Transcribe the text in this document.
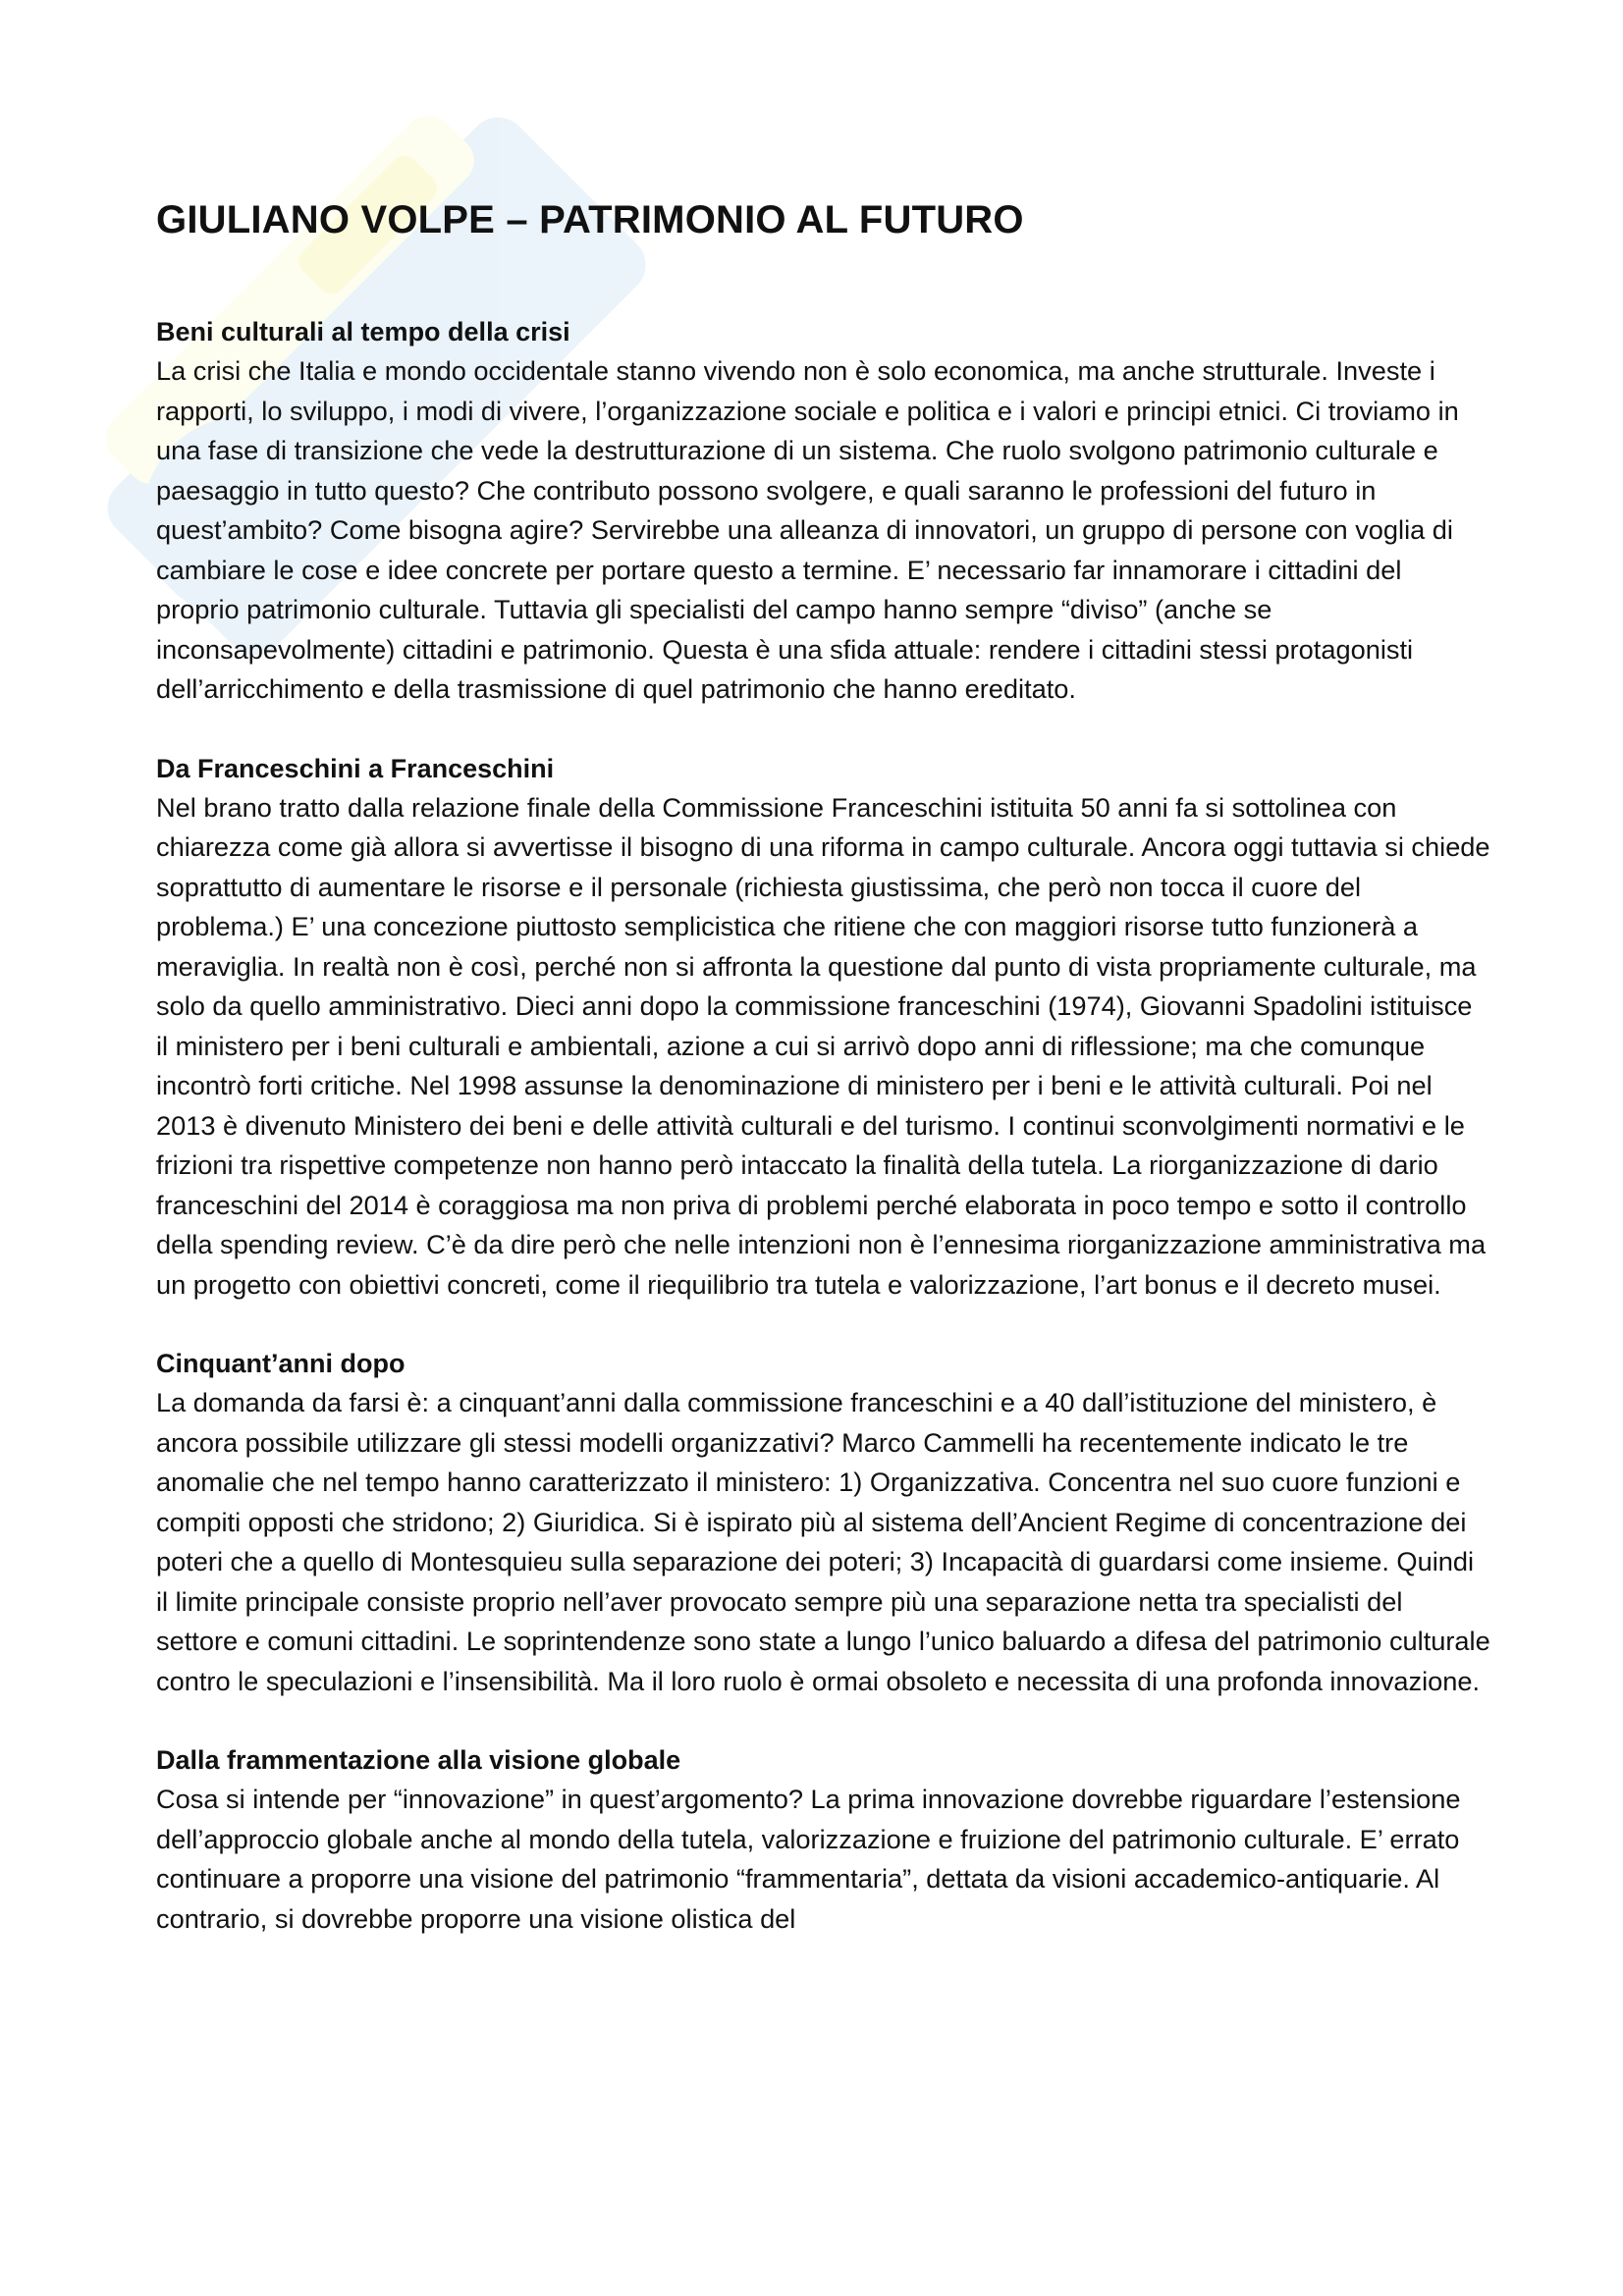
GIULIANO VOLPE – PATRIMONIO AL FUTURO
Beni culturali al tempo della crisi

La crisi che Italia e mondo occidentale stanno vivendo non è solo economica, ma anche strutturale. Investe i rapporti, lo sviluppo, i modi di vivere, l’organizzazione sociale e politica e i valori e principi etnici. Ci troviamo in una fase di transizione che vede la destrutturazione di un sistema. Che ruolo svolgono patrimonio culturale e paesaggio in tutto questo? Che contributo possono svolgere, e quali saranno le professioni del futuro in quest’ambito? Come bisogna agire? Servirebbe una alleanza di innovatori, un gruppo di persone con voglia di cambiare le cose e idee concrete per portare questo a termine. E’ necessario far innamorare i cittadini del proprio patrimonio culturale. Tuttavia gli specialisti del campo hanno sempre “diviso” (anche se inconsapevolmente) cittadini e patrimonio. Questa è una sfida attuale: rendere i cittadini stessi protagonisti dell’arricchimento e della trasmissione di quel patrimonio che hanno ereditato.

Da Franceschini a Franceschini

Nel brano tratto dalla relazione finale della Commissione Franceschini istituita 50 anni fa si sottolinea con chiarezza come già allora si avvertisse il bisogno di una riforma in campo culturale. Ancora oggi tuttavia si chiede soprattutto di aumentare le risorse e il personale (richiesta giustissima, che però non tocca il cuore del problema.) E’ una concezione piuttosto semplicistica che ritiene che con maggiori risorse tutto funzionerà a meraviglia. In realtà non è così, perché non si affronta la questione dal punto di vista propriamente culturale, ma solo da quello amministrativo. Dieci anni dopo la commissione franceschini (1974), Giovanni Spadolini istituisce il ministero per i beni culturali e ambientali, azione a cui si arrivò dopo anni di riflessione; ma che comunque incontrò forti critiche. Nel 1998 assunse la denominazione di ministero per i beni e le attività culturali. Poi nel 2013 è divenuto Ministero dei beni e delle attività culturali e del turismo. I continui sconvolgimenti normativi e le frizioni tra rispettive competenze non hanno però intaccato la finalità della tutela. La riorganizzazione di dario franceschini del 2014 è coraggiosa ma non priva di problemi perché elaborata in poco tempo e sotto il controllo della spending review. C’è da dire però che nelle intenzioni non è l’ennesima riorganizzazione amministrativa ma un progetto con obiettivi concreti, come il riequilibrio tra tutela e valorizzazione, l’art bonus e il decreto musei.

Cinquant’anni dopo

La domanda da farsi è: a cinquant’anni dalla commissione franceschini e a 40 dall’istituzione del ministero, è ancora possibile utilizzare gli stessi modelli organizzativi? Marco Cammelli ha recentemente indicato le tre anomalie che nel tempo hanno caratterizzato il ministero: 1) Organizzativa. Concentra nel suo cuore funzioni e compiti opposti che stridono; 2) Giuridica. Si è ispirato più al sistema dell’Ancient Regime di concentrazione dei poteri che a quello di Montesquieu sulla separazione dei poteri; 3) Incapacità di guardarsi come insieme. Quindi il limite principale consiste proprio nell’aver provocato sempre più una separazione netta tra specialisti del settore e comuni cittadini. Le soprintendenze sono state a lungo l’unico baluardo a difesa del patrimonio culturale contro le speculazioni e l’insensibilità. Ma il loro ruolo è ormai obsoleto e necessita di una profonda innovazione.

Dalla frammentazione alla visione globale

Cosa si intende per “innovazione” in quest’argomento? La prima innovazione dovrebbe riguardare l’estensione dell’approccio globale anche al mondo della tutela, valorizzazione e fruizione del patrimonio culturale. E’ errato continuare a proporre una visione del patrimonio “frammentaria”, dettata da visioni accademico-antiquarie. Al contrario, si dovrebbe proporre una visione olistica del
